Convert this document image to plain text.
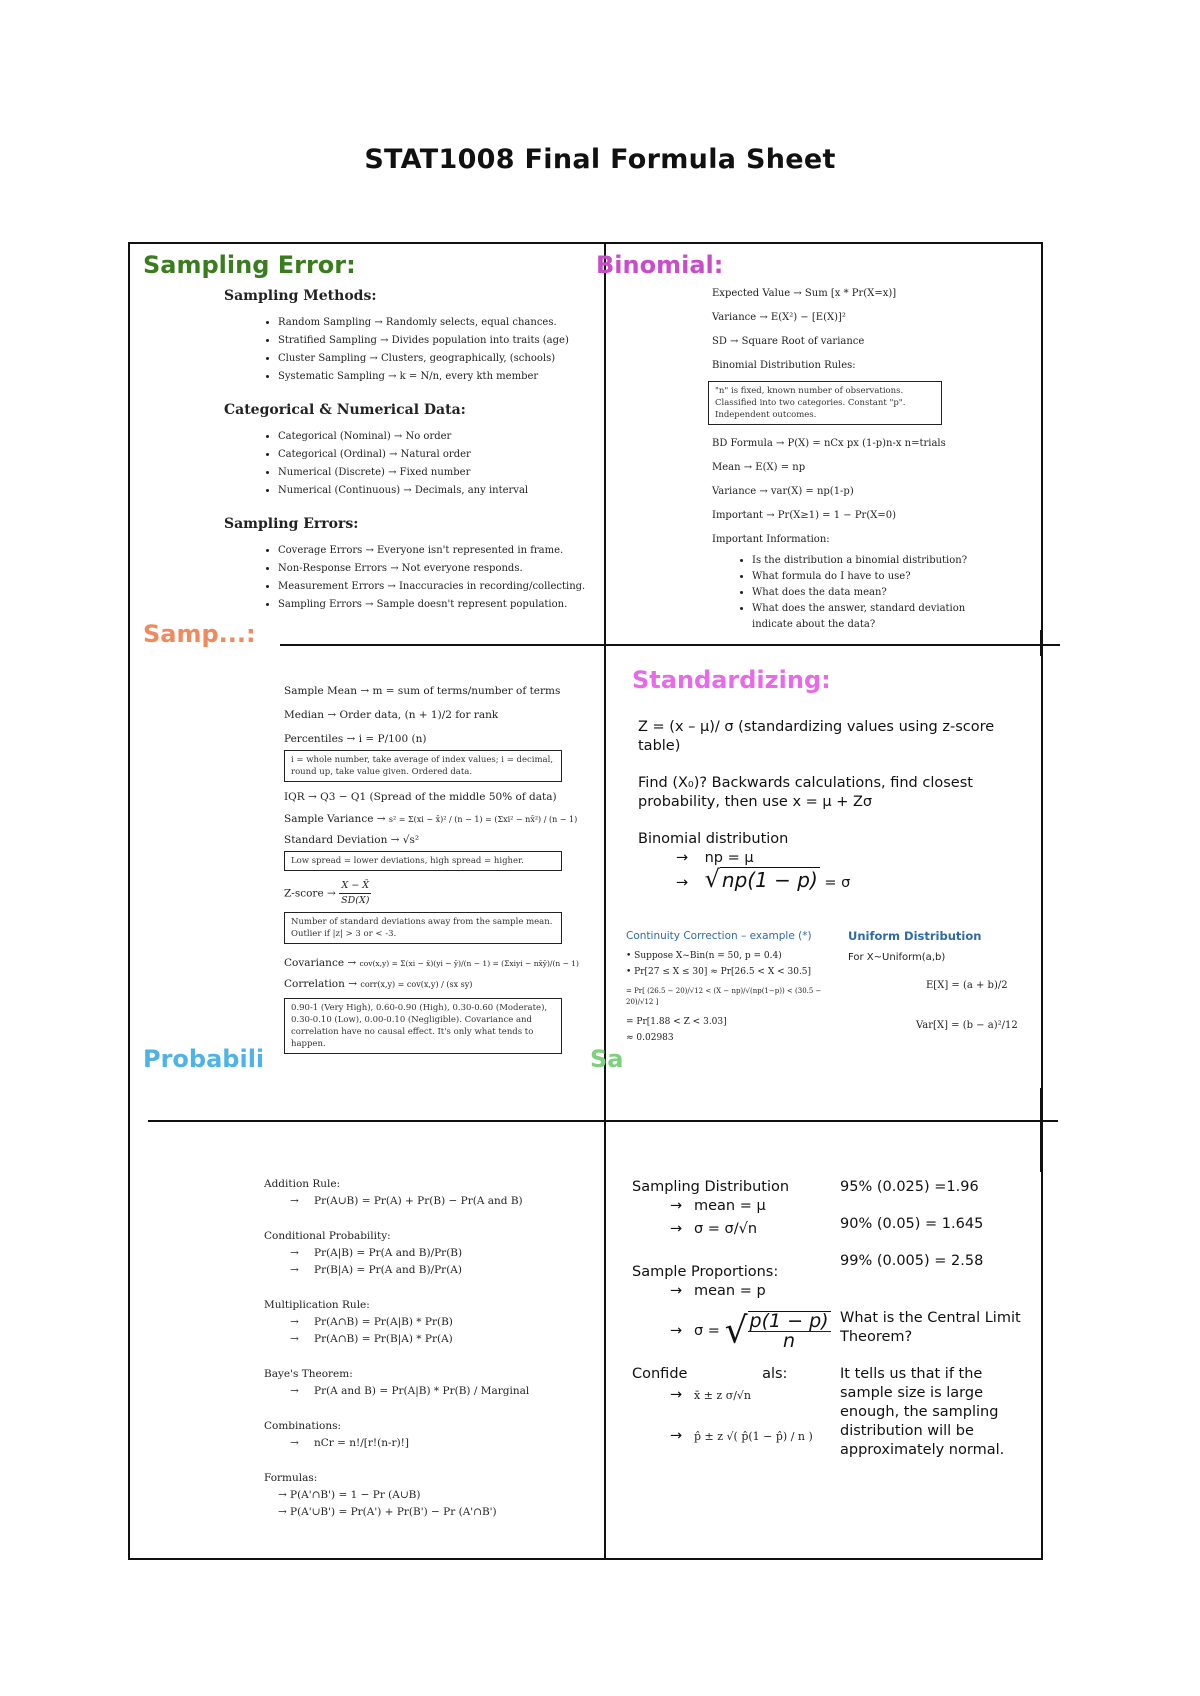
STAT1008 Final Formula Sheet
Sampling Error:	Binomial:
Samp...:
Standardizing:
Probabili	Sa
Sampling Methods:
• Random Sampling → Randomly selects, equal chances.
• Stratified Sampling → Divides population into traits (age)
• Cluster Sampling → Clusters, geographically, (schools)
• Systematic Sampling → k = N/n, every kth member
Categorical & Numerical Data:
• Categorical (Nominal) → No order
• Categorical (Ordinal) → Natural order
• Numerical (Discrete) → Fixed number
• Numerical (Continuous) → Decimals, any interval
Sampling Errors:
• Coverage Errors → Everyone isn't represented in frame.
• Non-Response Errors → Not everyone responds.
• Measurement Errors → Inaccuracies in recording/collecting.
• Sampling Errors → Sample doesn't represent population.
Expected Value → Sum [x * Pr(X=x)]
Variance → E(X²) − [E(X)]²
SD → Square Root of variance
Binomial Distribution Rules:
"n" is fixed, known number of observations. Classified into two categories. Constant "p". Independent outcomes.
BD Formula → P(X) = nCx px (1-p)n-x n=trials
Mean → E(X) = np
Variance → var(X) = np(1-p)
Important → Pr(X≥1) = 1 − Pr(X=0)
Important Information:
• Is the distribution a binomial distribution?
• What formula do I have to use?
• What does the data mean?
• What does the answer, standard deviation indicate about the data?
Sample Mean → m = sum of terms/number of terms
Median → Order data, (n + 1)/2 for rank
Percentiles → i = P/100 (n)
i = whole number, take average of index values; i = decimal, round up, take value given. Ordered data.
IQR → Q3 − Q1 (Spread of the middle 50% of data)
Sample Variance → s² = Σ(xi − x̄)² / (n − 1) = (Σxi² − nx̄²) / (n − 1)
Standard Deviation → √s²
Low spread = lower deviations, high spread = higher.
Z-score → $\frac{X - X̄}{SD(X)}$
Number of standard deviations away from the sample mean. Outlier if |z| > 3 or < -3.
Covariance → cov(x,y) = Σ(xi − x̄)(yi − ȳ)/(n − 1) = (Σxiyi − nx̄ȳ)/(n − 1)
Correlation → corr(x,y) = cov(x,y) / (sx sy)
0.90-1 (Very High), 0.60-0.90 (High), 0.30-0.60 (Moderate), 0.30-0.10 (Low), 0.00-0.10 (Negligible). Covariance and correlation have no causal effect. It's only what tends to happen.
Z = (x – μ)/ σ (standardizing values using z-score table)
Find (X₀)? Backwards calculations, find closest probability, then use x = μ + Zσ
Binomial distribution
→ np = μ
→ √ np(1 − p) = σ
Continuity Correction – example (*)
• Suppose X~Bin(n = 50, p = 0.4)
• Pr[27 ≤ X ≤ 30] ≈ Pr[26.5 < X < 30.5]
= Pr[ (26.5 − 20)/√12 < (X − np)/√(np(1−p)) < (30.5 − 20)/√12 ]
= Pr[1.88 < Z < 3.03]
≈ 0.02983
Uniform Distribution
For X~Uniform(a,b)
E[X] = (a + b)/2
Var[X] = (b − a)²/12
Addition Rule:
→ Pr(A∪B) = Pr(A) + Pr(B) − Pr(A and B)
Conditional Probability:
→ Pr(A|B) = Pr(A and B)/Pr(B)
→ Pr(B|A) = Pr(A and B)/Pr(A)
Multiplication Rule:
→ Pr(A∩B) = Pr(A|B) * Pr(B)
→ Pr(A∩B) = Pr(B|A) * Pr(A)
Baye's Theorem:
→ Pr(A and B) = Pr(A|B) * Pr(B) / Marginal
Combinations:
→ nCr = n!/[r!(n-r)!]
Formulas:
→ P(A'∩B') = 1 − Pr (A∪B)
→ P(A'∪B') = Pr(A') + Pr(B') − Pr (A'∩B')
Sampling Distribution
→ mean = μ
→ σ = σ/√n
Sample Proportions:
→ mean = p
→ σ = √ $\frac{p(1 - p)}{n}$
Confide	als:
→ x̄ ± z σ/√n
→ p̂ ± z √( p̂(1 − p̂) / n )
95% (0.025) =1.96
90% (0.05) = 1.645
99% (0.005) = 2.58
What is the Central Limit Theorem?
It tells us that if the sample size is large enough, the sampling distribution will be approximately normal.
